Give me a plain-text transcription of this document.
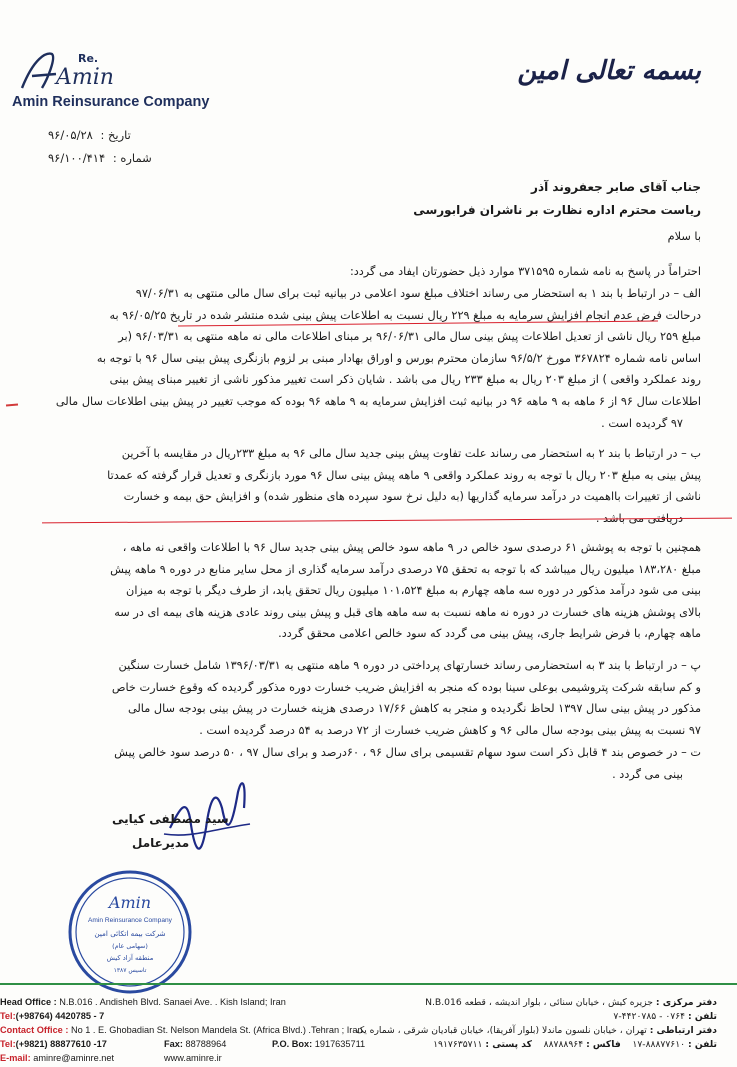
Amin
Re.
Amin Reinsurance Company
بسمه تعالی امین
تاریخ : ۹۶/۰۵/۲۸
شماره : ۹۶/۱۰۰/۴۱۴
جناب آقای صابر جعفروند آذر
ریاست محترم اداره نظارت بر ناشران فرابورسی
با سلام
احتراماً در پاسخ به نامه شماره ۳۷۱۵۹۵ موارد ذیل حضورتان ایفاد می گردد:
الف – در ارتباط با بند ۱ به استحضار می رساند اختلاف مبلغ سود اعلامی در بیانیه ثبت برای سال مالی منتهی به ۹۷/۰۶/۳۱
درحالت فرض عدم انجام افزایش سرمایه به مبلغ ۲۲۹ ریال نسبت به اطلاعات پیش بینی شده منتشر شده در تاریخ ۹۶/۰۵/۲۵ به
مبلغ ۲۵۹ ریال ناشی از تعدیل اطلاعات پیش بینی سال مالی ۹۶/۰۶/۳۱ بر مبنای اطلاعات مالی نه ماهه منتهی به ۹۶/۰۳/۳۱ (بر
اساس نامه شماره ۳۶۷۸۲۴ مورخ ۹۶/۵/۲ سازمان محترم بورس و اوراق بهادار مبنی بر لزوم بازنگری پیش بینی سال ۹۶ با توجه به
روند عملکرد واقعی ) از مبلغ ۲۰۳ ریال به مبلغ ۲۳۳ ریال می باشد . شایان ذکر است تغییر مذکور ناشی از تغییر مبنای پیش بینی
اطلاعات سال ۹۶ از ۶ ماهه به ۹ ماهه ۹۶ در بیانیه ثبت افزایش سرمایه به ۹ ماهه ۹۶ بوده که موجب تغییر در پیش بینی اطلاعات سال مالی
۹۷ گردیده است .
ب – در ارتباط با بند ۲ به استحضار می رساند علت تفاوت پیش بینی جدید سال مالی ۹۶ به مبلغ ۲۳۳ریال در مقایسه با آخرین
پیش بینی به مبلغ ۲۰۳ ریال با توجه به روند عملکرد واقعی ۹ ماهه پیش بینی سال ۹۶ مورد بازنگری و تعدیل قرار گرفته که عمدتا
ناشی از تغییرات بااهمیت در درآمد سرمایه گذاریها (به دلیل نرخ سود سپرده های منظور شده) و افزایش حق بیمه و خسارت
دریافتی می باشد .
همچنین با توجه به پوشش ۶۱ درصدی سود خالص در ۹ ماهه سود خالص پیش بینی جدید سال ۹۶ با اطلاعات واقعی نه ماهه ،
مبلغ ۱۸۳،۲۸۰ میلیون ریال میباشد که با توجه به تحقق ۷۵ درصدی درآمد سرمایه گذاری از محل سایر منابع در دوره ۹ ماهه پیش
بینی می شود درآمد مذکور در دوره سه ماهه چهارم به مبلغ ۱۰۱،۵۲۴ میلیون ریال تحقق یابد، از طرف دیگر با توجه به میزان
بالای پوشش هزینه های خسارت در دوره نه ماهه نسبت به سه ماهه های قبل و پیش بینی روند عادی هزینه های بیمه ای در سه
ماهه چهارم، با فرض شرایط جاری، پیش بینی می گردد که سود خالص اعلامی محقق گردد.
پ – در ارتباط با بند ۳ به استحضارمی رساند خسارتهای پرداختی در دوره ۹ ماهه منتهی به ۱۳۹۶/۰۳/۳۱ شامل خسارت سنگین
و کم سابقه شرکت پتروشیمی بوعلی سینا بوده که منجر به افزایش ضریب خسارت دوره مذکور گردیده که وقوع خسارت خاص
مذکور در پیش بینی سال ۱۳۹۷ لحاظ نگردیده و منجر به کاهش ۱۷/۶۶ درصدی هزینه خسارت در پیش بینی بودجه سال مالی
۹۷ نسبت به پیش بینی بودجه سال مالی ۹۶ و کاهش ضریب خسارت از ۷۲ درصد به ۵۴ درصد گردیده است .
ت – در خصوص بند ۴ قابل ذکر است سود سهام تقسیمی برای سال ۹۶ ، ۶۰درصد و برای سال ۹۷ ، ۵۰ درصد سود خالص پیش
بینی می گردد .
سید مصطفی کیایی
مدیرعامل
Amin
Amin Reinsurance Company
شرکت بیمه اتکائی امین
(سهامی عام)
منطقه آزاد کیش
تاسیس ۱۳۸۷
Head Office : N.B.016 . Andisheh Blvd. Sanaei Ave. . Kish Island; Iran
Tel:(+98764) 4420785 - 7
Contact Office : No 1 . E. Ghobadian St. Nelson Mandela St. (Africa Blvd.) .Tehran ; Iran
Tel:(+9821) 88877610 -17	Fax: 88788964	P.O. Box: 1917635711
E-mail: aminre@aminre.net	www.aminre.ir
دفتر مرکزی : جزیره کیش ، خیابان سنائی ، بلوار اندیشه ، قطعه N.B.016
تلفن : ۰۷۶۴ - ۴۴۲۰۷۸۵-۷
دفتر ارتباطی : تهران ، خیابان نلسون ماندلا (بلوار آفریقا)، خیابان قبادیان شرقی ، شماره یک
تلفن : ۸۸۸۷۷۶۱۰-۱۷    فاکس : ۸۸۷۸۸۹۶۴    کد پستی : ۱۹۱۷۶۳۵۷۱۱
